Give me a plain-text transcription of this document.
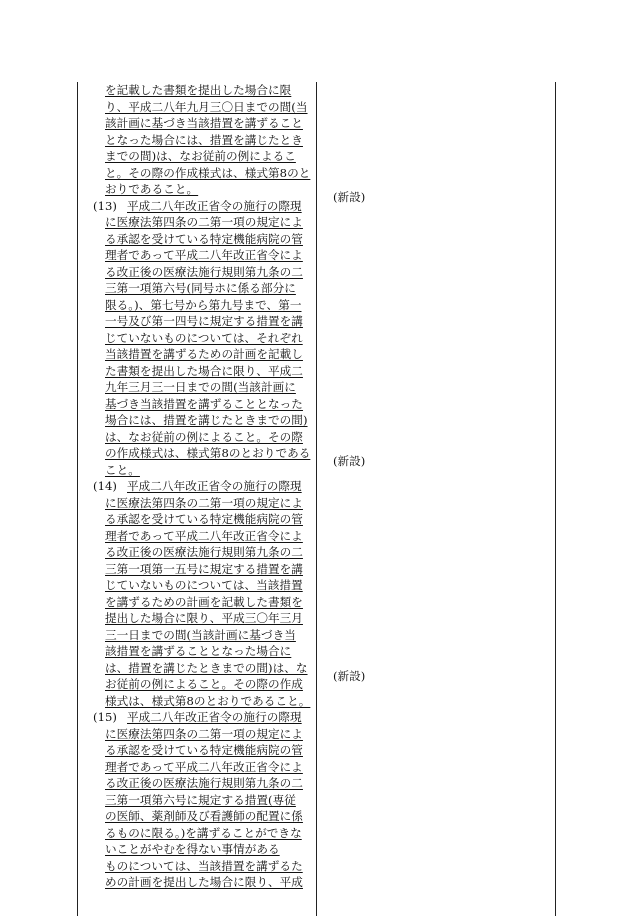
を記載した書類を提出した場合に限
り、平成二八年九月三〇日までの間(当
該計画に基づき当該措置を講ずること
となった場合には、措置を講じたとき
までの間)は、なお従前の例によるこ
と。その際の作成様式は、様式第8のと
おりであること。
(13) 平成二八年改正省令の施行の際現
に医療法第四条の二第一項の規定によ
る承認を受けている特定機能病院の管
理者であって平成二八年改正省令によ
る改正後の医療法施行規則第九条の二
三第一項第六号(同号ホに係る部分に
限る。)、第七号から第九号まで、第一
一号及び第一四号に規定する措置を講
じていないものについては、それぞれ
当該措置を講ずるための計画を記載し
た書類を提出した場合に限り、平成二
九年三月三一日までの間(当該計画に
基づき当該措置を講ずることとなった
場合には、措置を講じたときまでの間)
は、なお従前の例によること。その際
の作成様式は、様式第8のとおりである
こと。
(14) 平成二八年改正省令の施行の際現
に医療法第四条の二第一項の規定によ
る承認を受けている特定機能病院の管
理者であって平成二八年改正省令によ
る改正後の医療法施行規則第九条の二
三第一項第一五号に規定する措置を講
じていないものについては、当該措置
を講ずるための計画を記載した書類を
提出した場合に限り、平成三〇年三月
三一日までの間(当該計画に基づき当
該措置を講ずることとなった場合に
は、措置を講じたときまでの間)は、な
お従前の例によること。その際の作成
様式は、様式第8のとおりであること。
(15) 平成二八年改正省令の施行の際現
に医療法第四条の二第一項の規定によ
る承認を受けている特定機能病院の管
理者であって平成二八年改正省令によ
る改正後の医療法施行規則第九条の二
三第一項第六号に規定する措置(専従
の医師、薬剤師及び看護師の配置に係
るものに限る。)を講ずることができな
いことがやむを得ない事情がある
ものについては、当該措置を講ずるた
めの計画を提出した場合に限り、平成
(新設)
(新設)
(新設)
